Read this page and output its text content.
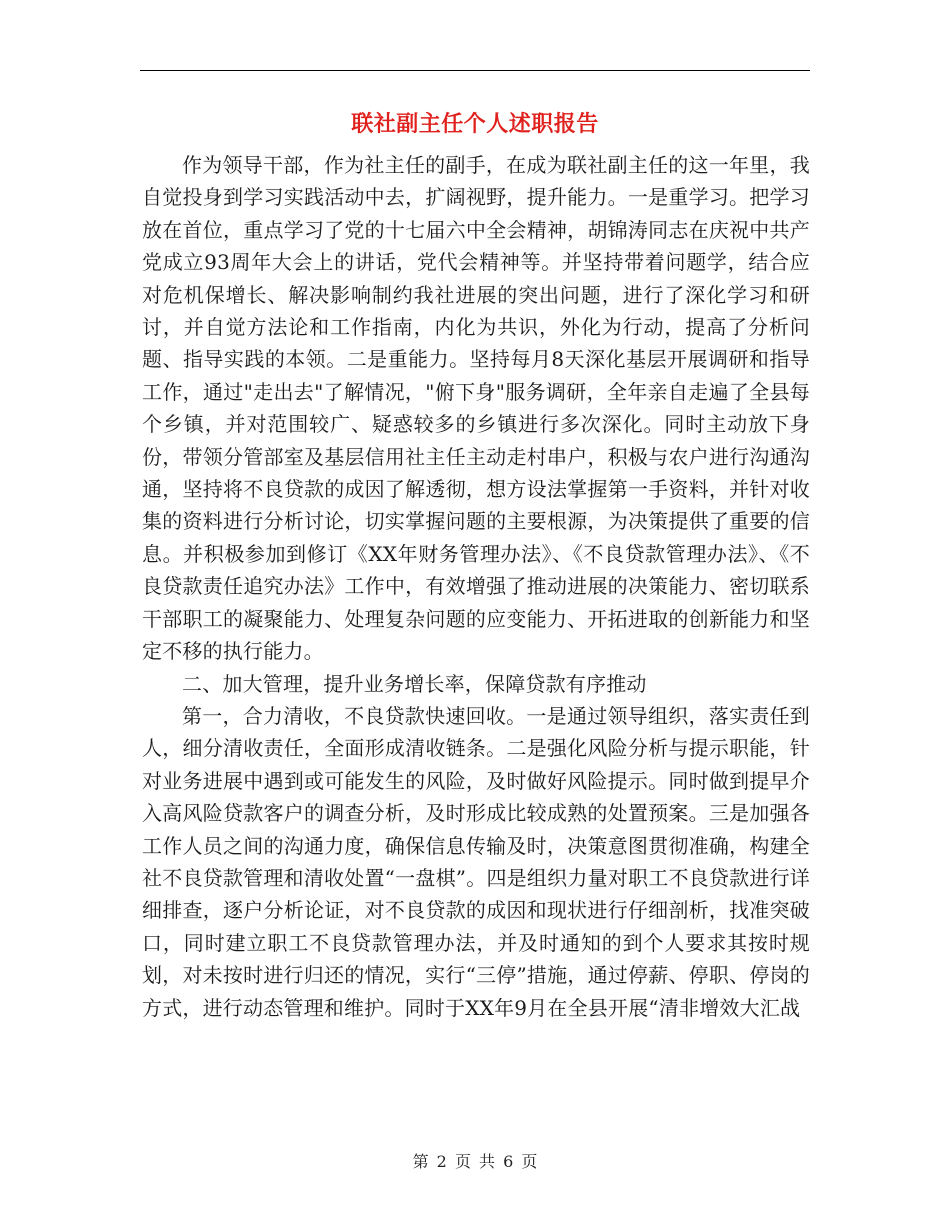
联社副主任个人述职报告

作为领导干部，作为社主任的副手，在成为联社副主任的这一年里，我自觉投身到学习实践活动中去，扩阔视野，提升能力。一是重学习。把学习放在首位，重点学习了党的十七届六中全会精神，胡锦涛同志在庆祝中共产党成立93周年大会上的讲话，党代会精神等。并坚持带着问题学，结合应对危机保增长、解决影响制约我社进展的突出问题，进行了深化学习和研讨，并自觉方法论和工作指南，内化为共识，外化为行动，提高了分析问题、指导实践的本领。二是重能力。坚持每月8天深化基层开展调研和指导工作，通过"走出去"了解情况，"俯下身"服务调研，全年亲自走遍了全县每个乡镇，并对范围较广、疑惑较多的乡镇进行多次深化。同时主动放下身份，带领分管部室及基层信用社主任主动走村串户，积极与农户进行沟通沟通，坚持将不良贷款的成因了解透彻，想方设法掌握第一手资料，并针对收集的资料进行分析讨论，切实掌握问题的主要根源，为决策提供了重要的信息。并积极参加到修订《XX年财务管理办法》、《不良贷款管理办法》、《不良贷款责任追究办法》工作中，有效增强了推动进展的决策能力、密切联系干部职工的凝聚能力、处理复杂问题的应变能力、开拓进取的创新能力和坚定不移的执行能力。

二、加大管理，提升业务增长率，保障贷款有序推动

第一，合力清收，不良贷款快速回收。一是通过领导组织，落实责任到人，细分清收责任，全面形成清收链条。二是强化风险分析与提示职能，针对业务进展中遇到或可能发生的风险，及时做好风险提示。同时做到提早介入高风险贷款客户的调查分析，及时形成比较成熟的处置预案。三是加强各工作人员之间的沟通力度，确保信息传输及时，决策意图贯彻准确，构建全社不良贷款管理和清收处置“一盘棋”。四是组织力量对职工不良贷款进行详细排查，逐户分析论证，对不良贷款的成因和现状进行仔细剖析，找准突破口，同时建立职工不良贷款管理办法，并及时通知的到个人要求其按时规划，对未按时进行归还的情况，实行“三停”措施，通过停薪、停职、停岗的方式，进行动态管理和维护。同时于XX年9月在全县开展“清非增效大汇战

第 2 页 共 6 页
